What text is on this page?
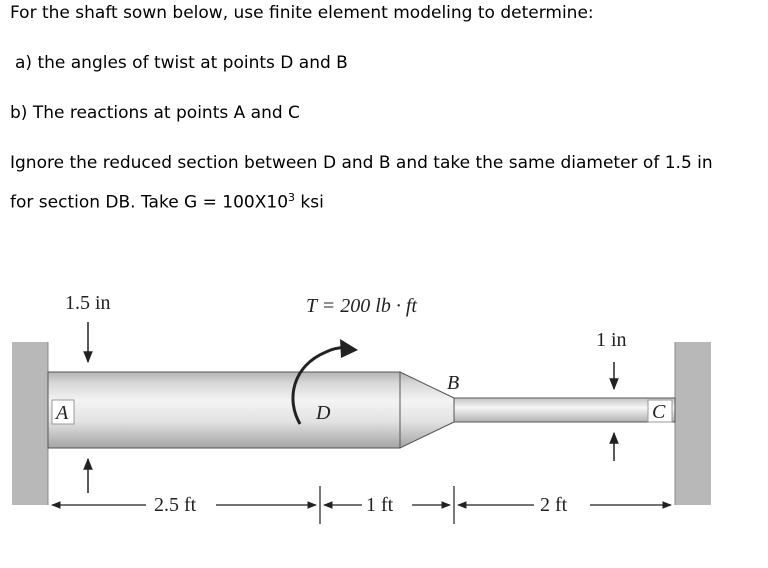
For the shaft sown below, use finite element modeling to determine:

a) the angles of twist at points D and B

b) The reactions at points A and C

Ignore the reduced section between D and B and take the same diameter of 1.5 in

for section DB. Take $G = 100X10^3$ ksi

A	D
B
C
1.5 in	T = 200 lb · ft
1 in
2.5 ft	1 ft	2 ft
